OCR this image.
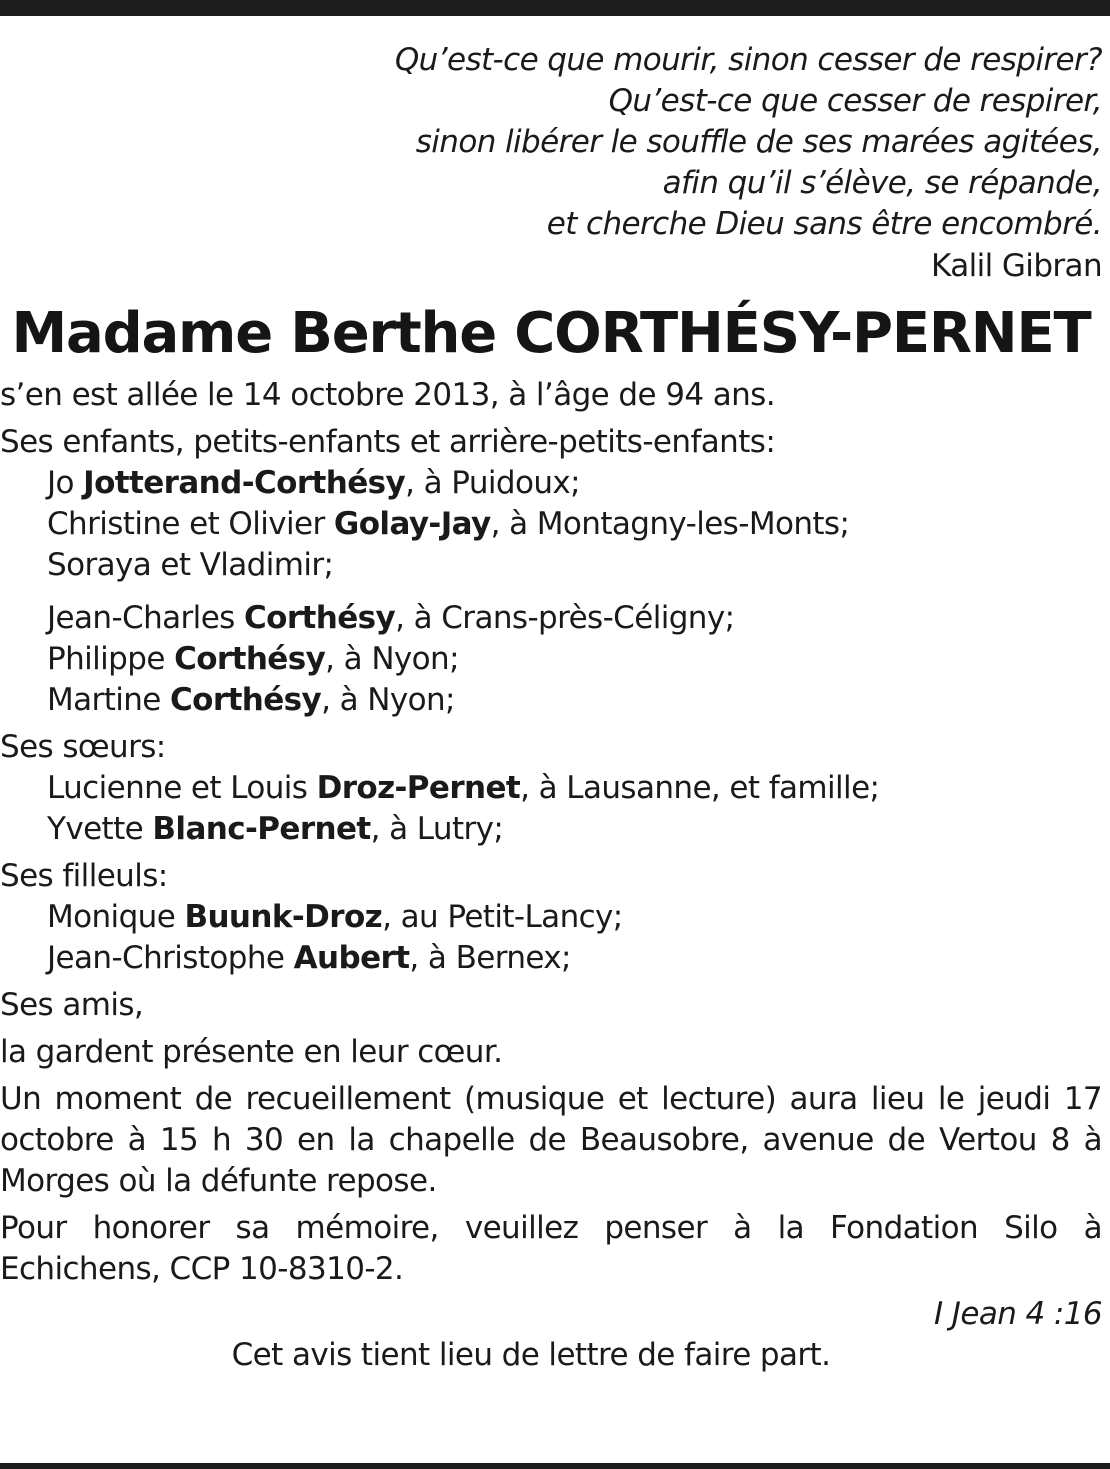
Qu’est-ce que mourir, sinon cesser de respirer?
Qu’est-ce que cesser de respirer,
sinon libérer le souffle de ses marées agitées,
afin qu’il s’élève, se répande,
et cherche Dieu sans être encombré.
Kalil Gibran
Madame Berthe CORTHÉSY-PERNET
s’en est allée le 14 octobre 2013, à l’âge de 94 ans.
Ses enfants, petits-enfants et arrière-petits-enfants:
Jo Jotterand-Corthésy, à Puidoux;
Christine et Olivier Golay-Jay, à Montagny-les-Monts;
Soraya et Vladimir;
Jean-Charles Corthésy, à Crans-près-Céligny;
Philippe Corthésy, à Nyon;
Martine Corthésy, à Nyon;
Ses sœurs:
Lucienne et Louis Droz-Pernet, à Lausanne, et famille;
Yvette Blanc-Pernet, à Lutry;
Ses filleuls:
Monique Buunk-Droz, au Petit-Lancy;
Jean-Christophe Aubert, à Bernex;
Ses amis,
la gardent présente en leur cœur.
Un moment de recueillement (musique et lecture) aura lieu le jeudi 17 octobre à 15 h 30 en la chapelle de Beausobre, avenue de Vertou 8 à Morges où la défunte repose.
Pour honorer sa mémoire, veuillez penser à la Fondation Silo à Echichens, CCP 10-8310-2.
I Jean 4 :16
Cet avis tient lieu de lettre de faire part.
